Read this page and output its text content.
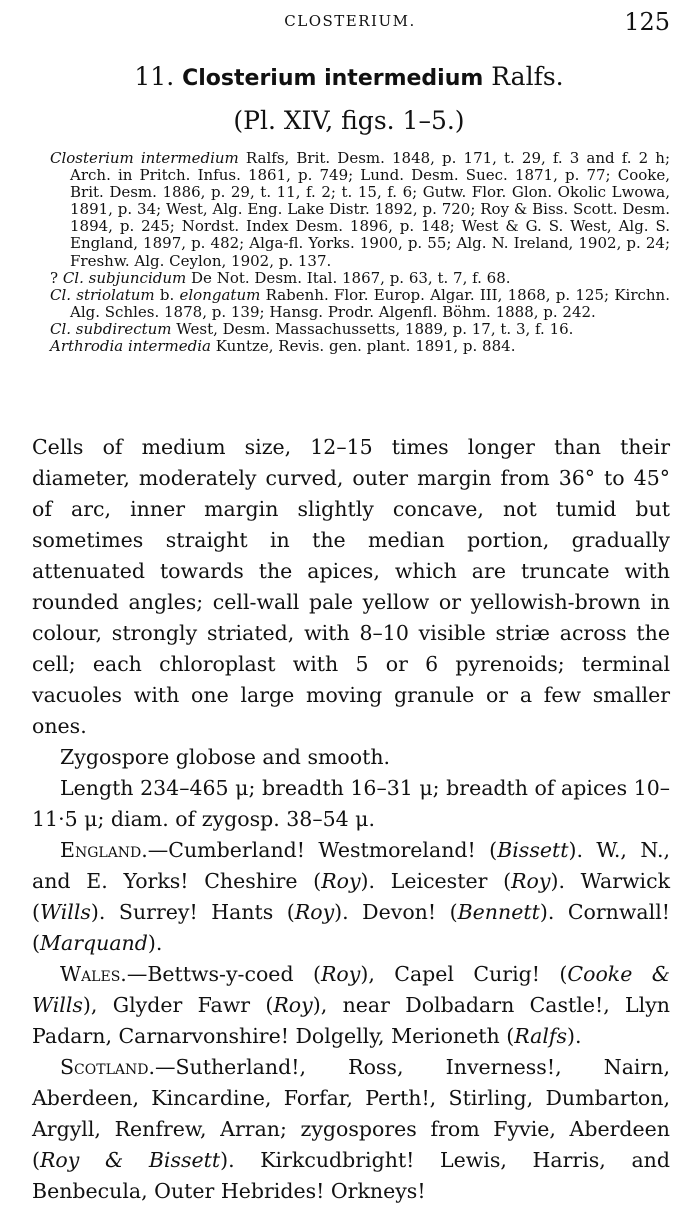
CLOSTERIUM.	125
11. Closterium intermedium Ralfs.
(Pl. XIV, figs. 1–5.)
Closterium intermedium Ralfs, Brit. Desm. 1848, p. 171, t. 29, f. 3 and f. 2 h; Arch. in Pritch. Infus. 1861, p. 749; Lund. Desm. Suec. 1871, p. 77; Cooke, Brit. Desm. 1886, p. 29, t. 11, f. 2; t. 15, f. 6; Gutw. Flor. Glon. Okolic Lwowa, 1891, p. 34; West, Alg. Eng. Lake Distr. 1892, p. 720; Roy & Biss. Scott. Desm. 1894, p. 245; Nordst. Index Desm. 1896, p. 148; West & G. S. West, Alg. S. England, 1897, p. 482; Alga-fl. Yorks. 1900, p. 55; Alg. N. Ireland, 1902, p. 24; Freshw. Alg. Ceylon, 1902, p. 137.
? Cl. subjuncidum De Not. Desm. Ital. 1867, p. 63, t. 7, f. 68.
Cl. striolatum b. elongatum Rabenh. Flor. Europ. Algar. III, 1868, p. 125; Kirchn. Alg. Schles. 1878, p. 139; Hansg. Prodr. Algenfl. Böhm. 1888, p. 242.
Cl. subdirectum West, Desm. Massachussetts, 1889, p. 17, t. 3, f. 16.
Arthrodia intermedia Kuntze, Revis. gen. plant. 1891, p. 884.

Cells of medium size, 12–15 times longer than their diameter, moderately curved, outer margin from 36° to 45° of arc, inner margin slightly concave, not tumid but sometimes straight in the median portion, gradually attenuated towards the apices, which are truncate with rounded angles; cell-wall pale yellow or yellowish-brown in colour, strongly striated, with 8–10 visible striæ across the cell; each chloroplast with 5 or 6 pyrenoids; terminal vacuoles with one large moving granule or a few smaller ones.

Zygospore globose and smooth.

Length 234–465 μ; breadth 16–31 μ; breadth of apices 10–11·5 μ; diam. of zygosp. 38–54 μ.

England.—Cumberland! Westmoreland! (Bissett). W., N., and E. Yorks! Cheshire (Roy). Leicester (Roy). Warwick (Wills). Surrey! Hants (Roy). Devon! (Bennett). Cornwall! (Marquand).

Wales.—Bettws-y-coed (Roy), Capel Curig! (Cooke & Wills), Glyder Fawr (Roy), near Dolbadarn Castle!, Llyn Padarn, Carnarvonshire! Dolgelly, Merioneth (Ralfs).

Scotland.—Sutherland!, Ross, Inverness!, Nairn, Aberdeen, Kincardine, Forfar, Perth!, Stirling, Dumbarton, Argyll, Renfrew, Arran; zygospores from Fyvie, Aberdeen (Roy & Bissett). Kirkcudbright! Lewis, Harris, and Benbecula, Outer Hebrides! Orkneys!
